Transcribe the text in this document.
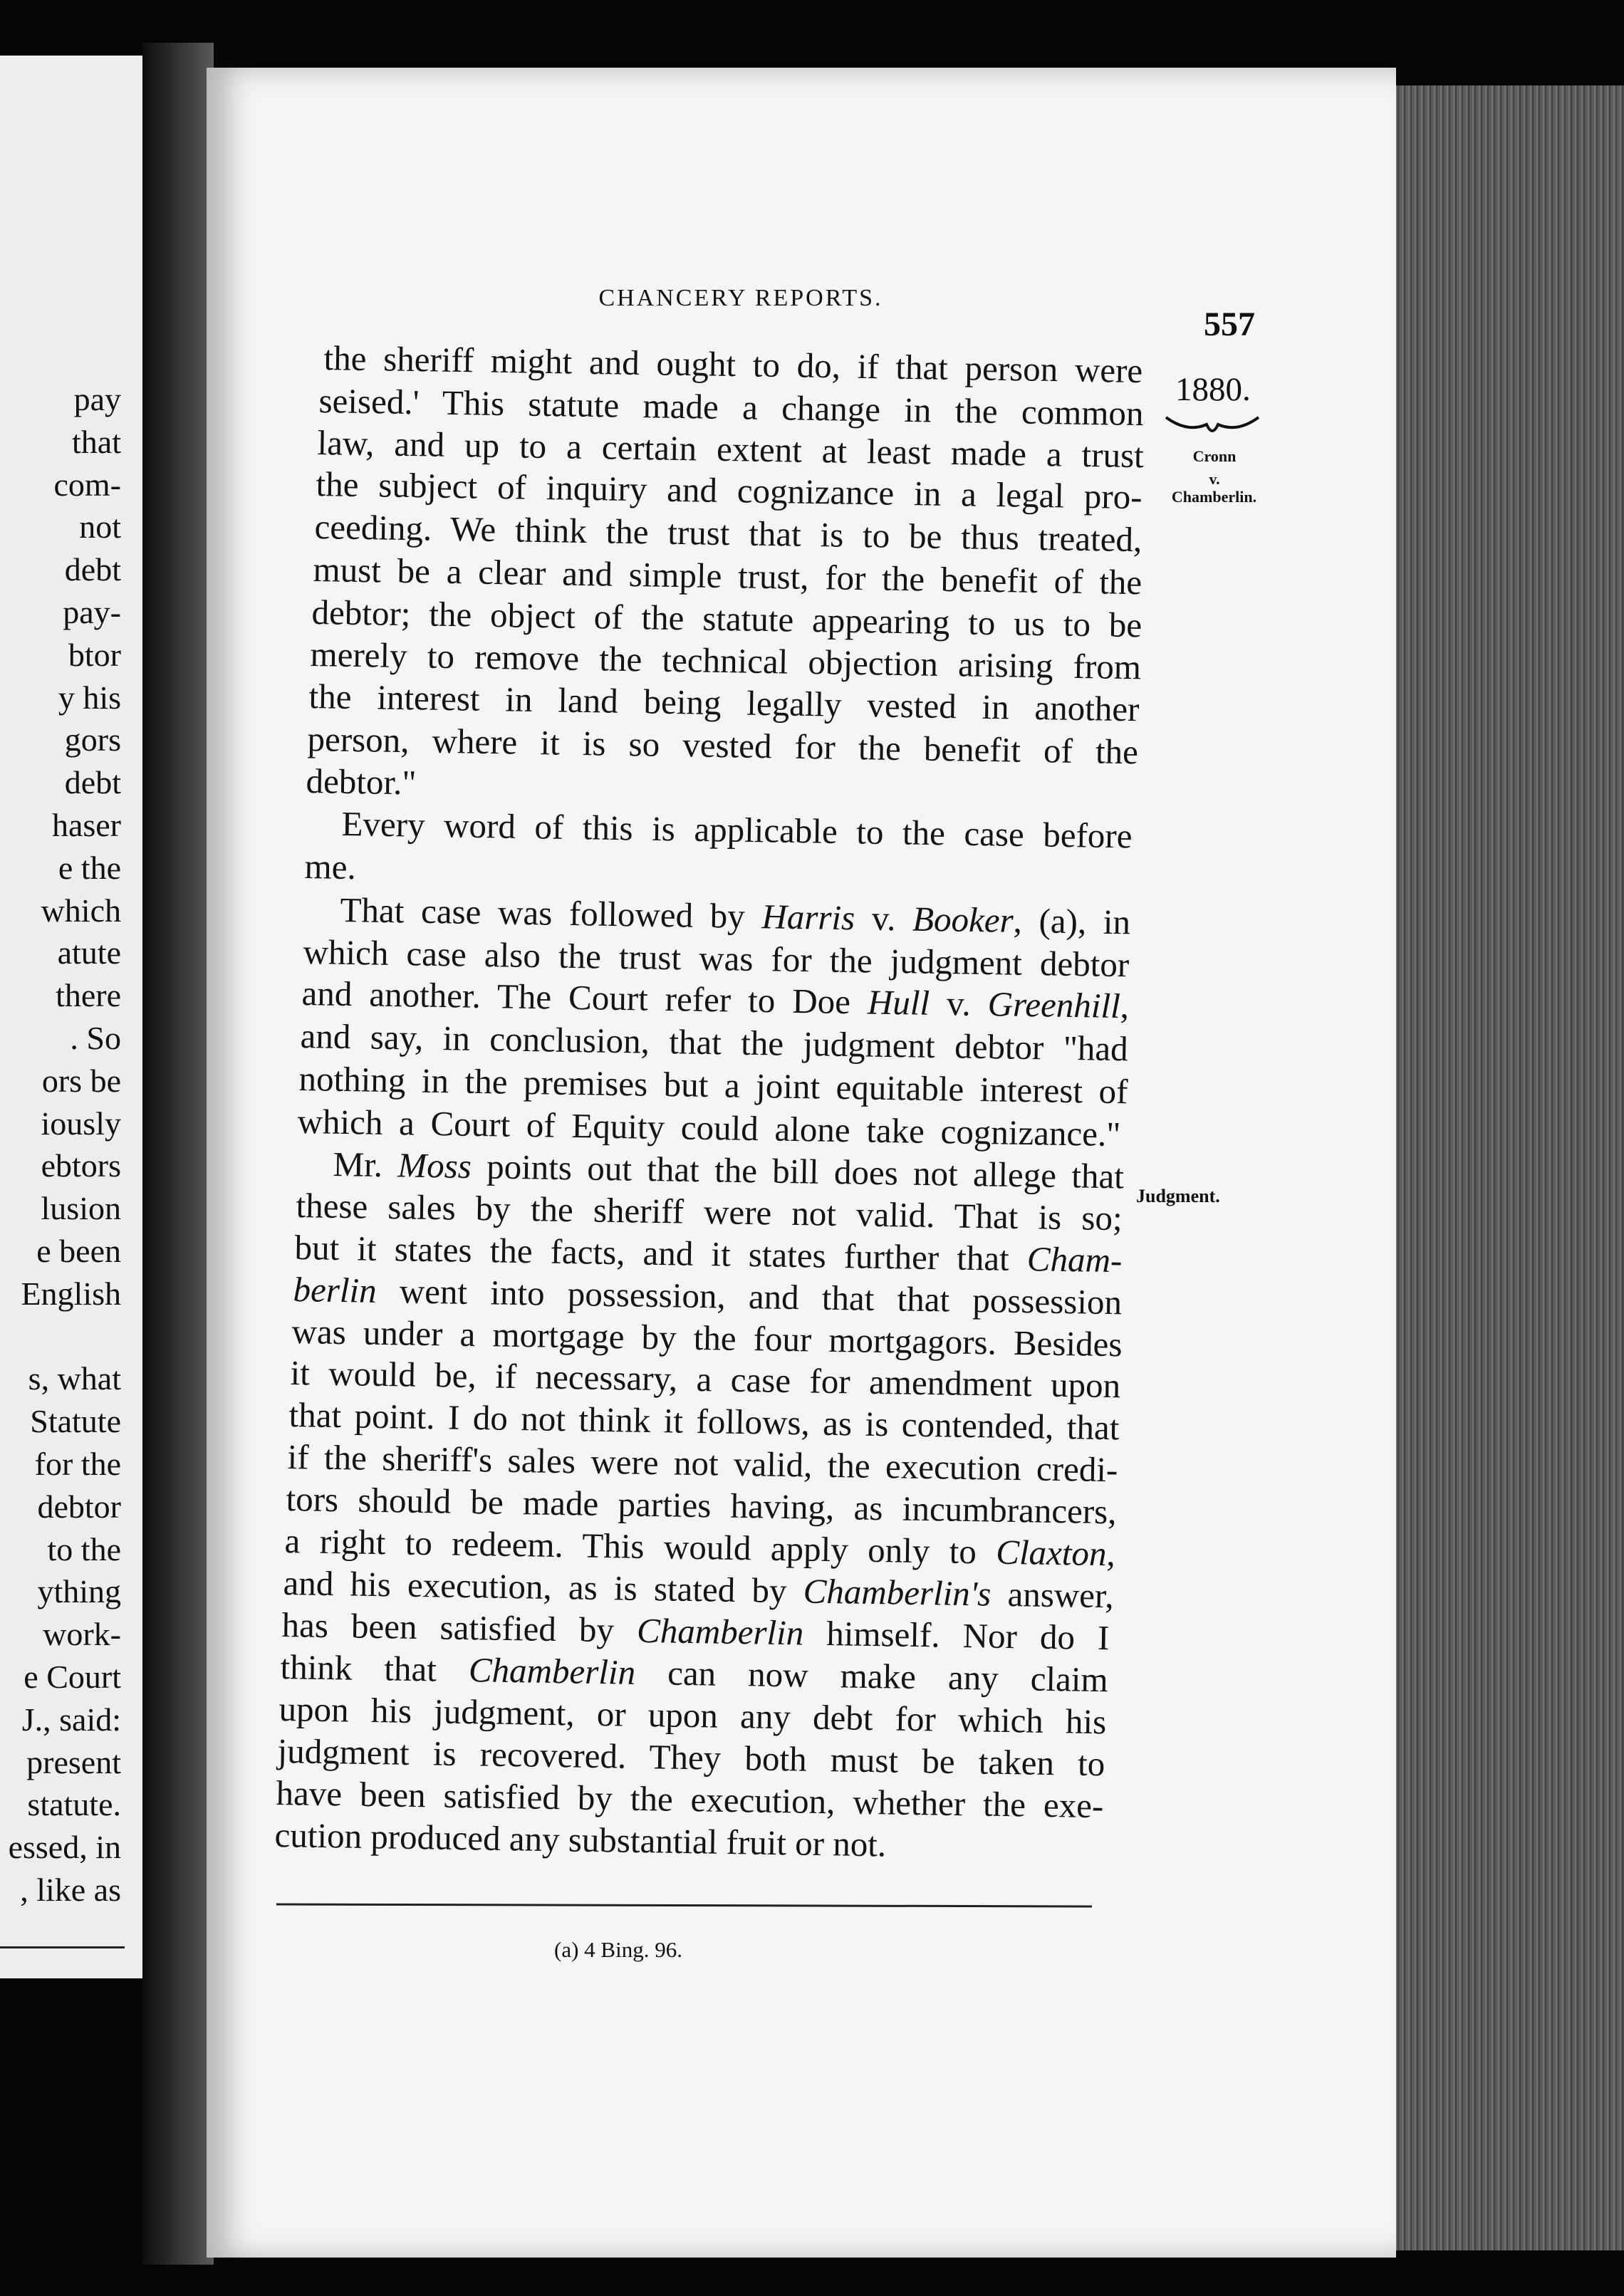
pay
that
com-
not
debt
pay-
btor
y his
gors
debt
haser
e the
which
atute
there
. So
ors be
iously
ebtors
lusion
e been
English
s, what
Statute
for the
debtor
to the
ything
work-
e Court
J., said:
present
statute.
essed, in
, like as
CHANCERY REPORTS.
557
1880.
Cronn
v.
Chamberlin.
Judgment.
the sheriff might and ought to do, if that person were
seised.' This statute made a change in the common
law, and up to a certain extent at least made a trust
the subject of inquiry and cognizance in a legal pro-
ceeding. We think the trust that is to be thus treated,
must be a clear and simple trust, for the benefit of the
debtor; the object of the statute appearing to us to be
merely to remove the technical objection arising from
the interest in land being legally vested in another
person, where it is so vested for the benefit of the
debtor."
Every word of this is applicable to the case before
me.
That case was followed by Harris v. Booker, (a), in
which case also the trust was for the judgment debtor
and another. The Court refer to Doe Hull v. Greenhill,
and say, in conclusion, that the judgment debtor "had
nothing in the premises but a joint equitable interest of
which a Court of Equity could alone take cognizance."
Mr. Moss points out that the bill does not allege that
these sales by the sheriff were not valid. That is so;
but it states the facts, and it states further that Cham-
berlin went into possession, and that that possession
was under a mortgage by the four mortgagors. Besides
it would be, if necessary, a case for amendment upon
that point. I do not think it follows, as is contended, that
if the sheriff's sales were not valid, the execution credi-
tors should be made parties having, as incumbrancers,
a right to redeem. This would apply only to Claxton,
and his execution, as is stated by Chamberlin's answer,
has been satisfied by Chamberlin himself. Nor do I
think that Chamberlin can now make any claim
upon his judgment, or upon any debt for which his
judgment is recovered. They both must be taken to
have been satisfied by the execution, whether the exe-
cution produced any substantial fruit or not.
(a) 4 Bing. 96.
